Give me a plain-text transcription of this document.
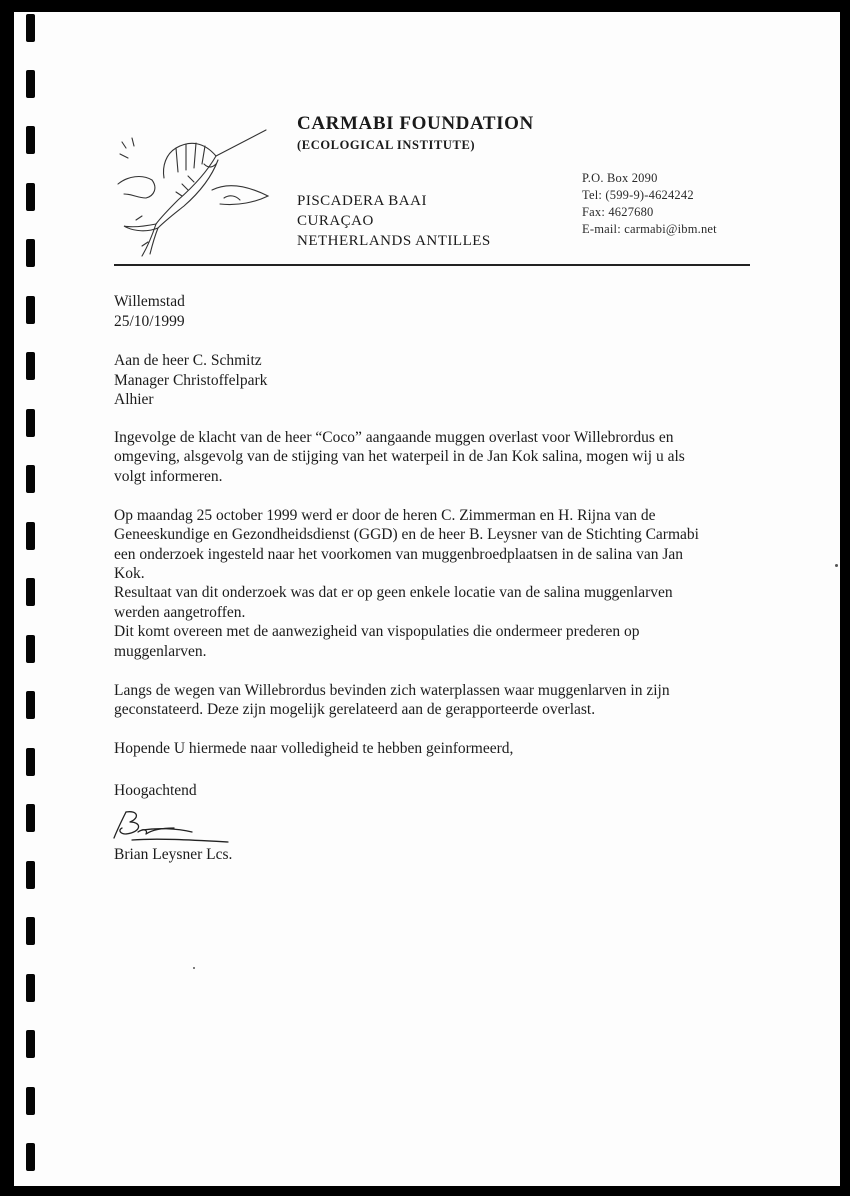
CARMABI FOUNDATION
(ECOLOGICAL INSTITUTE)
PISCADERA BAAI
CURAÇAO
NETHERLANDS ANTILLES
P.O. Box 2090
Tel: (599-9)-4624242
Fax: 4627680
E-mail: carmabi@ibm.net

Willemstad

25/10/1999

Aan de heer C. Schmitz

Manager Christoffelpark

Alhier

Ingevolge de klacht van de heer “Coco” aangaande muggen overlast voor Willebrordus en

omgeving, alsgevolg van de stijging van het waterpeil in de Jan Kok salina, mogen wij u als

volgt informeren.

Op maandag 25 october 1999 werd er door de heren C. Zimmerman en H. Rijna van de

Geneeskundige en Gezondheidsdienst (GGD) en de heer B. Leysner van de Stichting Carmabi

een onderzoek ingesteld naar het voorkomen van muggenbroedplaatsen in de salina van Jan

Kok.

Resultaat van dit onderzoek was dat er op geen enkele locatie van de salina muggenlarven

werden aangetroffen.

Dit komt overeen met de aanwezigheid van vispopulaties die ondermeer prederen op

muggenlarven.

Langs de wegen van Willebrordus bevinden zich waterplassen waar muggenlarven in zijn

geconstateerd. Deze zijn mogelijk gerelateerd aan de gerapporteerde overlast.

Hopende U hiermede naar volledigheid te hebben geinformeerd,

Hoogachtend

Brian Leysner Lcs.
